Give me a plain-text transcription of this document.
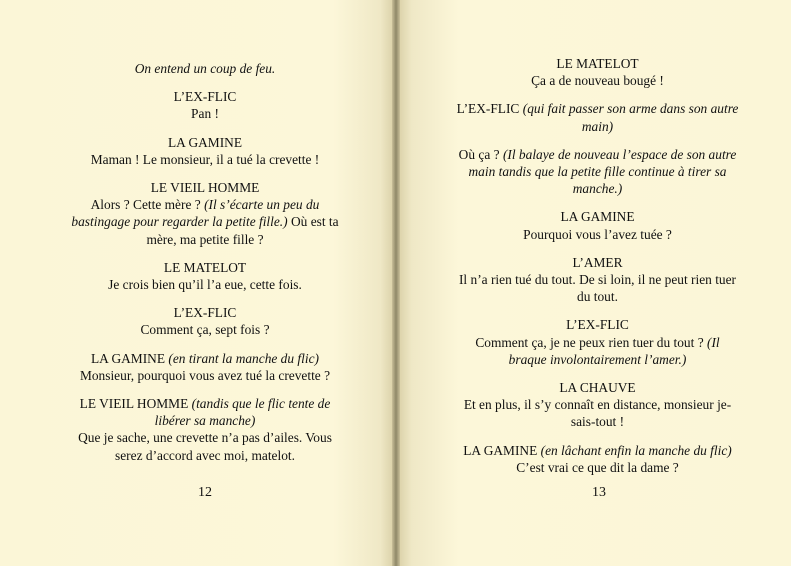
On entend un coup de feu.
L’EX-FLIC
Pan !
LA GAMINE
Maman ! Le monsieur, il a tué la crevette !
LE VIEIL HOMME
Alors ? Cette mère ? (Il s’écarte un peu du bastingage pour regarder la petite fille.) Où est ta mère, ma petite fille ?
LE MATELOT
Je crois bien qu’il l’a eue, cette fois.
L’EX-FLIC
Comment ça, sept fois ?
LA GAMINE (en tirant la manche du flic)
Monsieur, pourquoi vous avez tué la crevette ?
LE VIEIL HOMME (tandis que le flic tente de libérer sa manche)
Que je sache, une crevette n’a pas d’ailes. Vous serez d’accord avec moi, matelot.
12
LE MATELOT
Ça a de nouveau bougé !
L’EX-FLIC (qui fait passer son arme dans son autre main)
Où ça ? (Il balaye de nouveau l’espace de son autre main tandis que la petite fille continue à tirer sa manche.)
LA GAMINE
Pourquoi vous l’avez tuée ?
L’AMER
Il n’a rien tué du tout. De si loin, il ne peut rien tuer du tout.
L’EX-FLIC
Comment ça, je ne peux rien tuer du tout ? (Il braque involontairement l’amer.)
LA CHAUVE
Et en plus, il s’y connaît en distance, monsieur je-sais-tout !
LA GAMINE (en lâchant enfin la manche du flic)
C’est vrai ce que dit la dame ?
13
